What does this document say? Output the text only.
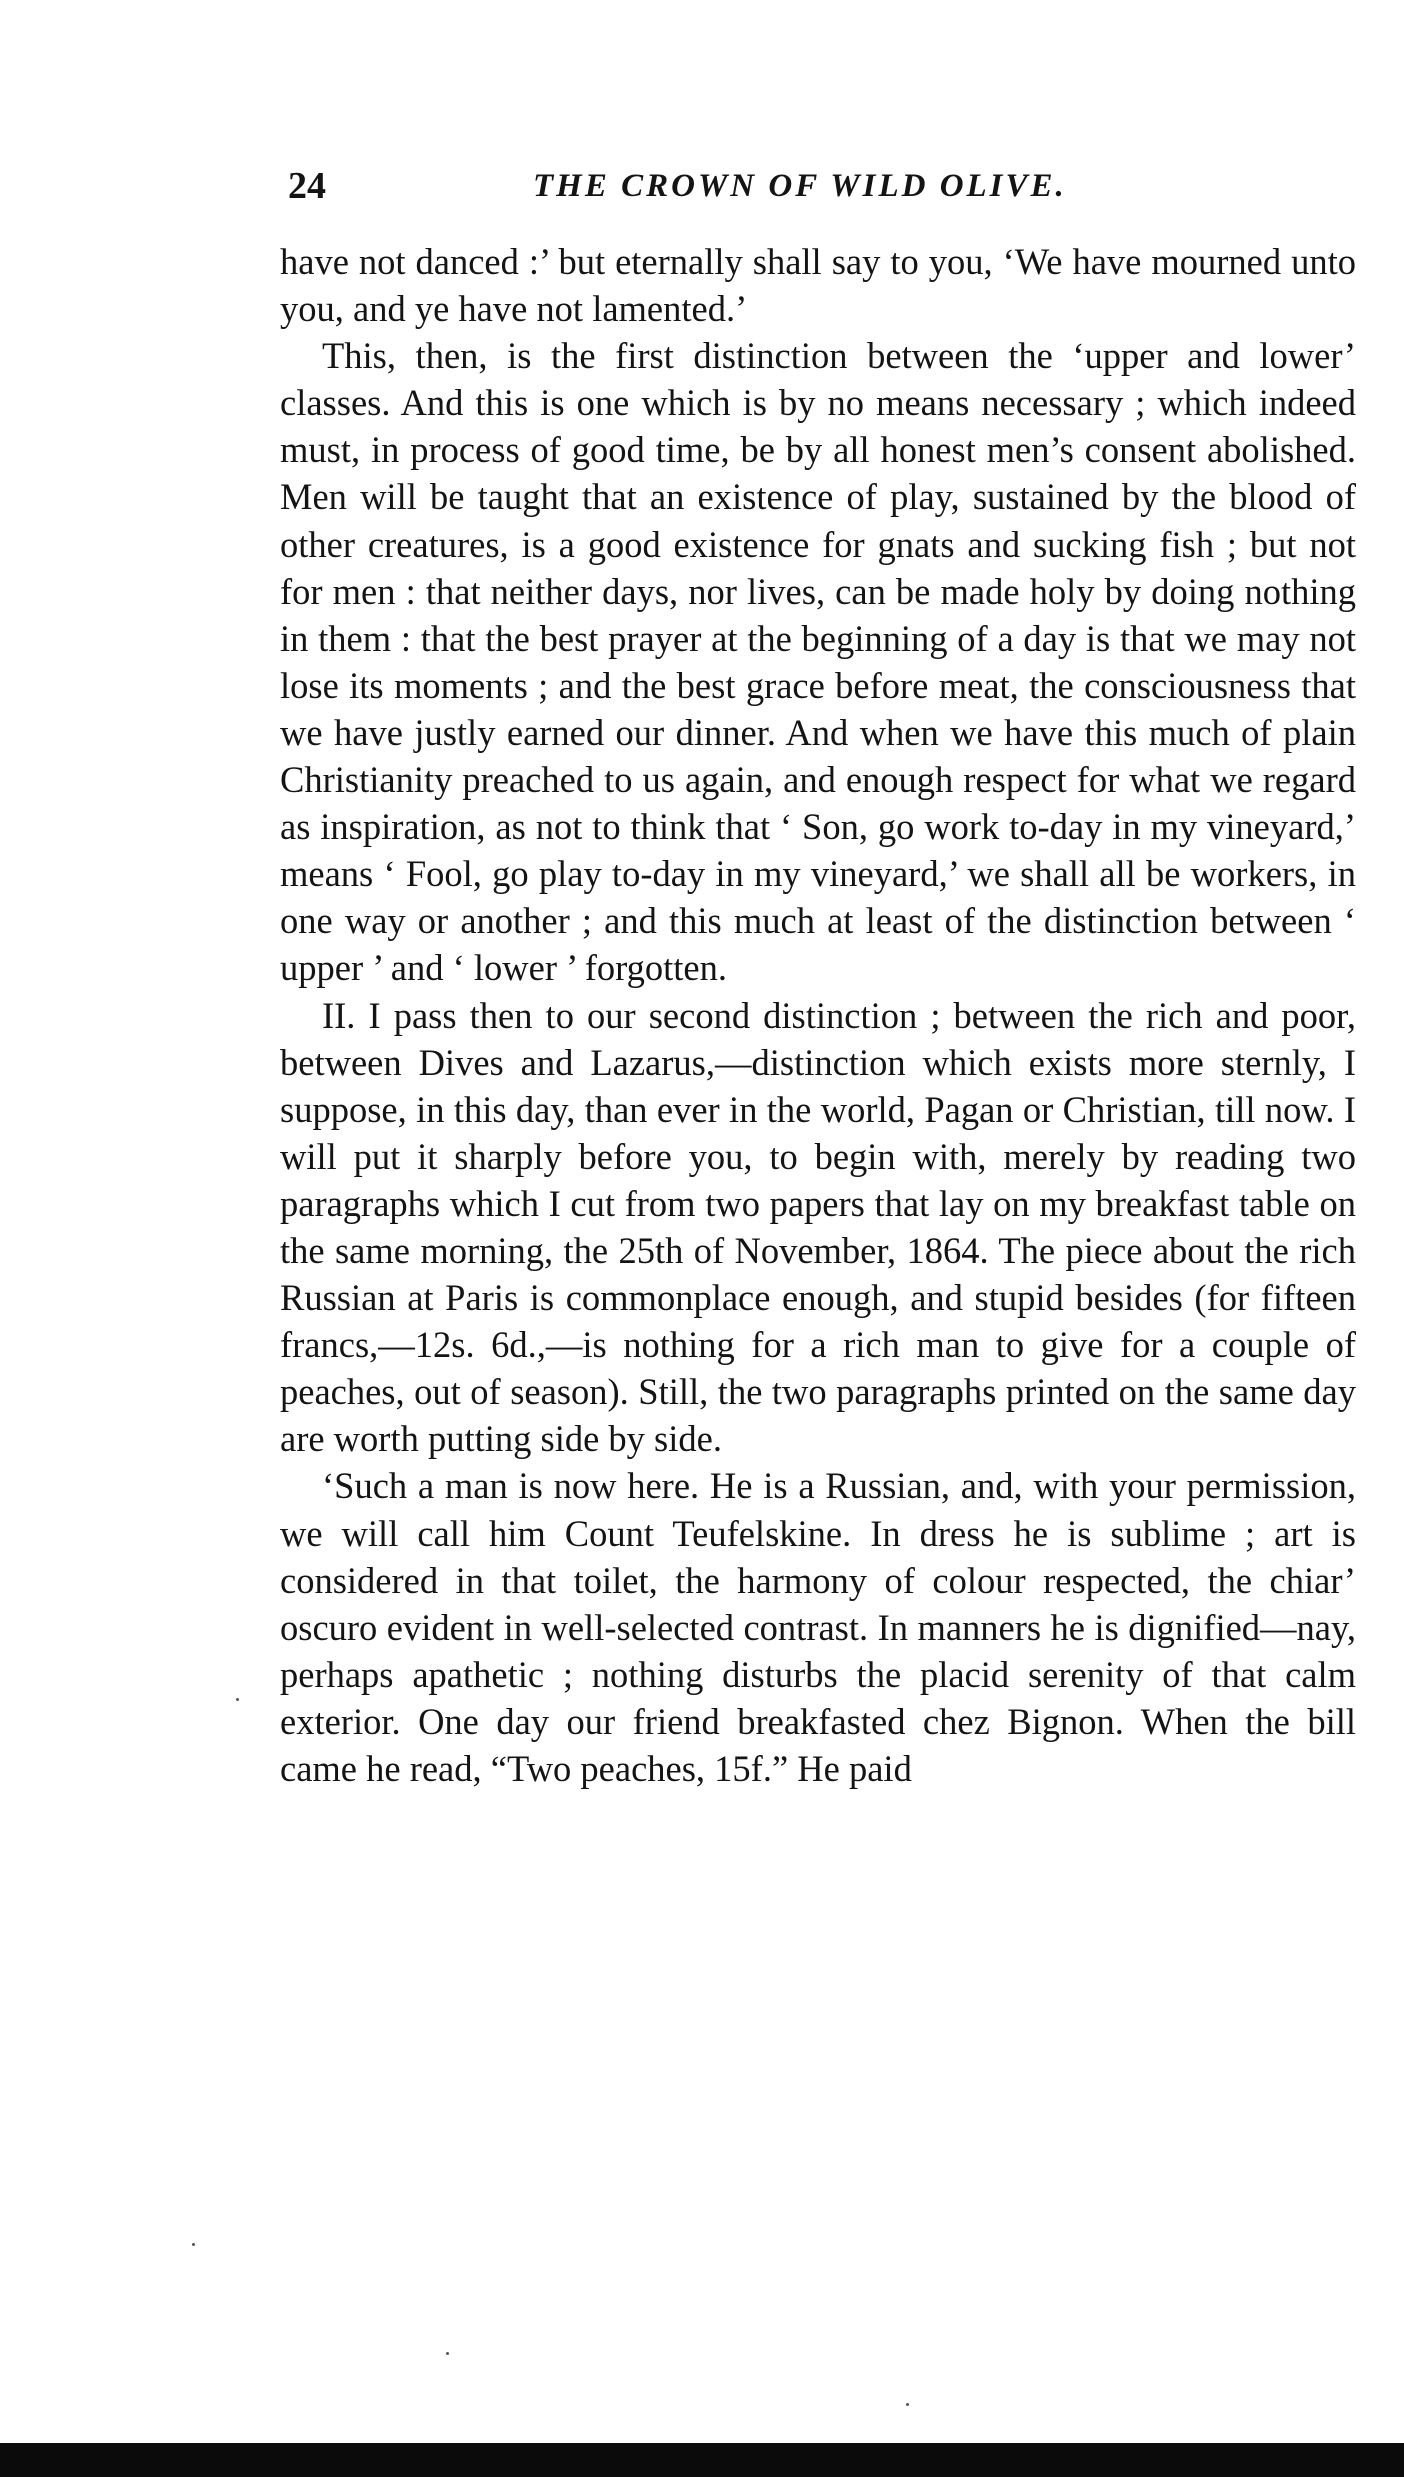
24	THE CROWN OF WILD OLIVE.

have not danced :’ but eternally shall say to you, ‘We have mourned unto you, and ye have not lamented.’

This, then, is the first distinction between the ‘upper and lower’ classes. And this is one which is by no means necessary ; which indeed must, in process of good time, be by all honest men’s consent abolished. Men will be taught that an existence of play, sustained by the blood of other creatures, is a good existence for gnats and sucking fish ; but not for men : that neither days, nor lives, can be made holy by doing nothing in them : that the best prayer at the beginning of a day is that we may not lose its moments ; and the best grace before meat, the consciousness that we have justly earned our dinner. And when we have this much of plain Christianity preached to us again, and enough respect for what we regard as inspiration, as not to think that ‘ Son, go work to-day in my vineyard,’ means ‘ Fool, go play to-day in my vineyard,’ we shall all be workers, in one way or another ; and this much at least of the distinction between ‘ upper ’ and ‘ lower ’ forgotten.

II. I pass then to our second distinction ; between the rich and poor, between Dives and Lazarus,—distinction which exists more sternly, I suppose, in this day, than ever in the world, Pagan or Christian, till now. I will put it sharply before you, to begin with, merely by reading two paragraphs which I cut from two papers that lay on my breakfast table on the same morning, the 25th of November, 1864. The piece about the rich Russian at Paris is commonplace enough, and stupid besides (for fifteen francs,—12s. 6d.,—is nothing for a rich man to give for a couple of peaches, out of season). Still, the two paragraphs printed on the same day are worth putting side by side.

‘Such a man is now here. He is a Russian, and, with your permission, we will call him Count Teufelskine. In dress he is sublime ; art is considered in that toilet, the harmony of colour respected, the chiar’ oscuro evident in well-selected contrast. In manners he is dignified—nay, perhaps apathetic ; nothing disturbs the placid serenity of that calm exterior. One day our friend breakfasted chez Bignon. When the bill came he read, “Two peaches, 15f.” He paid
